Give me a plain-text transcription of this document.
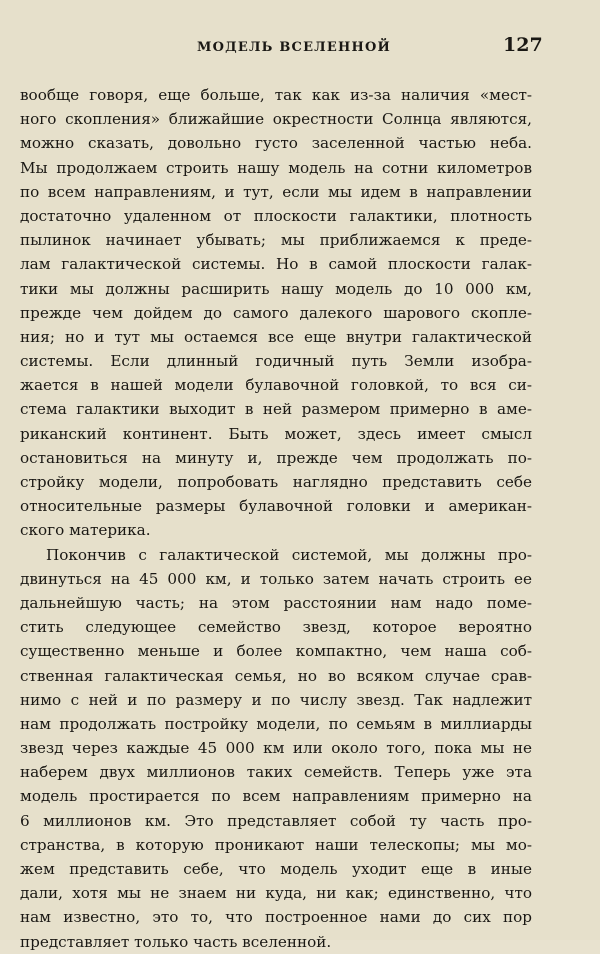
МОДЕЛЬ ВСЕЛЕННОЙ	127
вообще говоря, еще больше, так как из-за наличия «мест-
ного скопления» ближайшие окрестности Солнца являются,
можно сказать, довольно густо заселенной частью неба.
Мы продолжаем строить нашу модель на сотни километров
по всем направлениям, и тут, если мы идем в направлении
достаточно удаленном от плоскости галактики, плотность
пылинок начинает убывать; мы приближаемся к преде-
лам галактической системы. Но в самой плоскости галак-
тики мы должны расширить нашу модель до 10 000 км,
прежде чем дойдем до самого далекого шарового скопле-
ния; но и тут мы остаемся все еще внутри галактической
системы. Если длинный годичный путь Земли изобра-
жается в нашей модели булавочной головкой, то вся си-
стема галактики выходит в ней размером примерно в аме-
риканский континент. Быть может, здесь имеет смысл
остановиться на минуту и, прежде чем продолжать по-
стройку модели, попробовать наглядно представить себе
относительные размеры булавочной головки и американ-
ского материка.
Покончив с галактической системой, мы должны про-
двинуться на 45 000 км, и только затем начать строить ее
дальнейшую часть; на этом расстоянии нам надо поме-
стить следующее семейство звезд, которое вероятно
существенно меньше и более компактно, чем наша соб-
ственная галактическая семья, но во всяком случае срав-
нимо с ней и по размеру и по числу звезд. Так надлежит
нам продолжать постройку модели, по семьям в миллиарды
звезд через каждые 45 000 км или около того, пока мы не
наберем двух миллионов таких семейств. Теперь уже эта
модель простирается по всем направлениям примерно на
6 миллионов км. Это представляет собой ту часть про-
странства, в которую проникают наши телескопы; мы мо-
жем представить себе, что модель уходит еще в иные
дали, хотя мы не знаем ни куда, ни как; единственно, что
нам известно, это то, что построенное нами до сих пор
представляет только часть вселенной.
